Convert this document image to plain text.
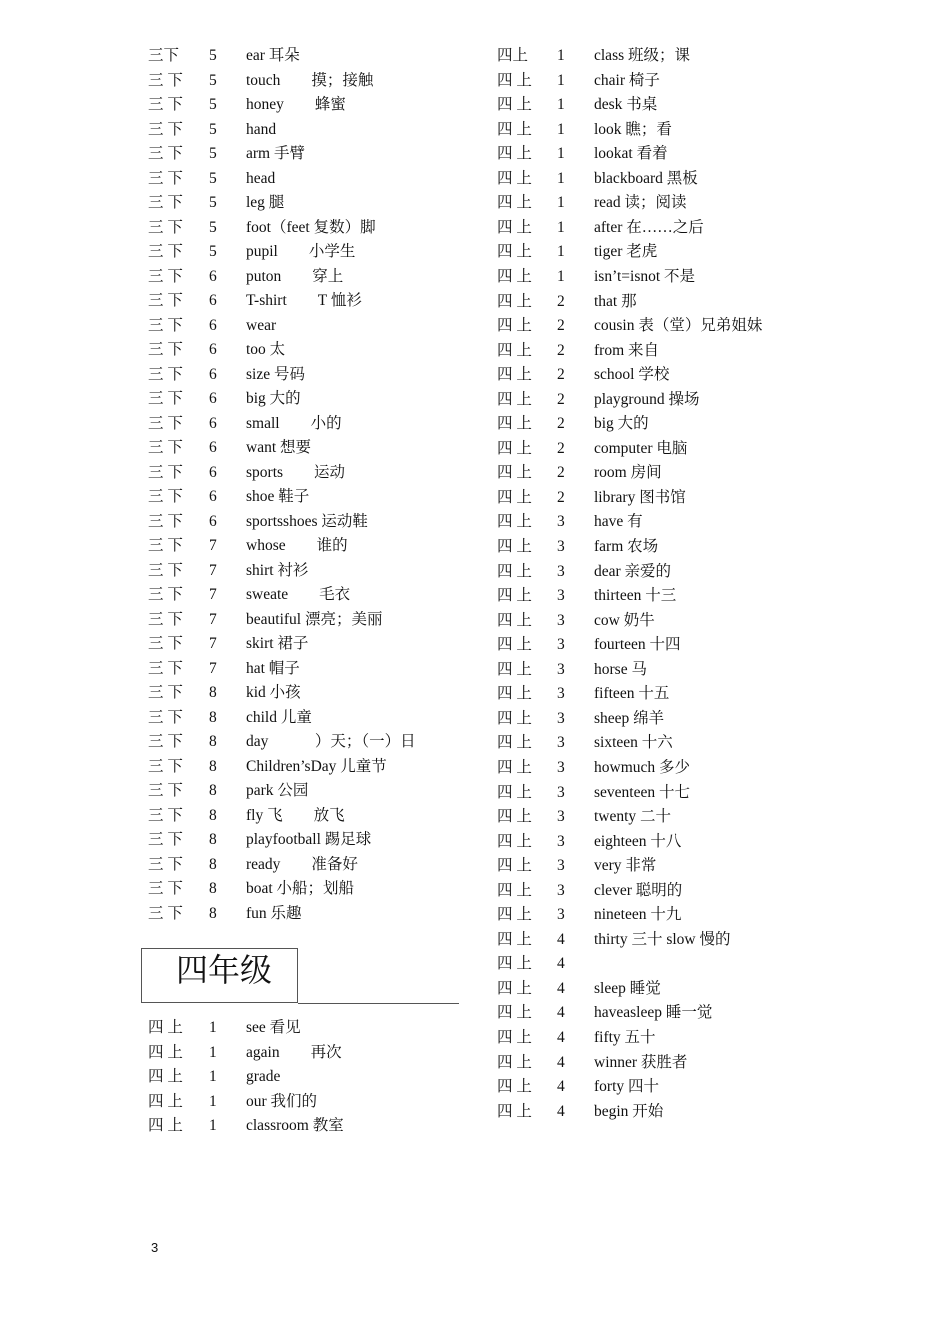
三下 5 ear 耳朵
三 下 5 touch　　摸；接触
三 下 5 honey　　蜂蜜
三 下 5 hand
三 下 5 arm 手臂
三 下 5 head
三 下 5 leg 腿
三 下 5 foot（feet 复数）脚
三 下 5 pupil　　小学生
三 下 6 puton　　穿上
三 下 6 T-shirt　　T 恤衫
三 下 6 wear
三 下 6 too 太
三 下 6 size 号码
三 下 6 big 大的
三 下 6 small　　小的
三 下 6 want 想要
三 下 6 sports　　运动
三 下 6 shoe 鞋子
三 下 6 sportsshoes 运动鞋
三 下 7 whose　　谁的
三 下 7 shirt 衬衫
三 下 7 sweate　　毛衣
三 下 7 beautiful 漂亮；美丽
三 下 7 skirt 裙子
三 下 7 hat 帽子
三 下 8 kid 小孩
三 下 8 child 儿童
三 下 8 day　　　）天；（一）日
三 下 8 Children’sDay 儿童节
三 下 8 park 公园
三 下 8 fly 飞　　放飞
三 下 8 playfootball 踢足球
三 下 8 ready　　准备好
三 下 8 boat 小船；划船
三 下 8 fun 乐趣
四年级
四 上 1 see 看见
四 上 1 again　　再次
四 上 1 grade
四 上 1 our 我们的
四 上 1 classroom 教室
四上 1 class 班级；课
四 上 1 chair 椅子
四 上 1 desk 书桌
四 上 1 look 瞧；看
四 上 1 lookat 看着
四 上 1 blackboard 黑板
四 上 1 read 读；阅读
四 上 1 after 在……之后
四 上 1 tiger 老虎
四 上 1 isn’t=isnot 不是
四 上 2 that 那
四 上 2 cousin 表（堂）兄弟姐妹
四 上 2 from 来自
四 上 2 school 学校
四 上 2 playground 操场
四 上 2 big 大的
四 上 2 computer 电脑
四 上 2 room 房间
四 上 2 library 图书馆
四 上 3 have 有
四 上 3 farm 农场
四 上 3 dear 亲爱的
四 上 3 thirteen 十三
四 上 3 cow 奶牛
四 上 3 fourteen 十四
四 上 3 horse 马
四 上 3 fifteen 十五
四 上 3 sheep 绵羊
四 上 3 sixteen 十六
四 上 3 howmuch 多少
四 上 3 seventeen 十七
四 上 3 twenty 二十
四 上 3 eighteen 十八
四 上 3 very 非常
四 上 3 clever 聪明的
四 上 3 nineteen 十九
四 上 4 thirty 三十 slow 慢的
四 上 4
四 上 4 sleep 睡觉
四 上 4 haveasleep 睡一觉
四 上 4 fifty 五十
四 上 4 winner 获胜者
四 上 4 forty 四十
四 上 4 begin 开始
3
